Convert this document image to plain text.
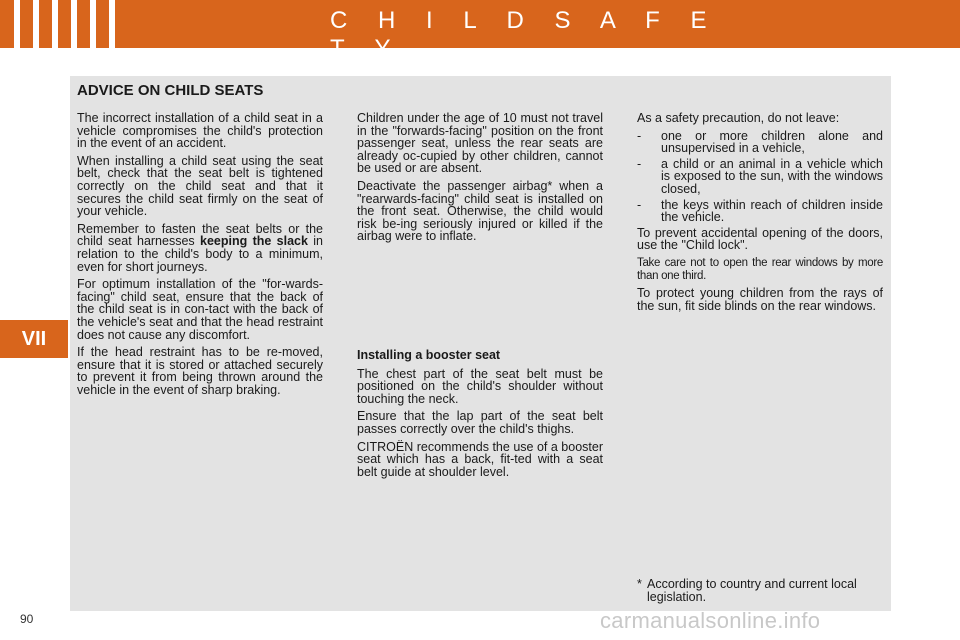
C H I L D S A F E T Y
VII
ADVICE ON CHILD SEATS

The incorrect installation of a child seat in a vehicle compromises the child's protection in the event of an accident.

When installing a child seat using the seat belt, check that the seat belt is tightened correctly on the child seat and that it secures the child seat firmly on the seat of your vehicle.

Remember to fasten the seat belts or the child seat harnesses keeping the slack in relation to the child's body to a minimum, even for short journeys.

For optimum installation of the "for-wards-facing" child seat, ensure that the back of the child seat is in con-tact with the back of the vehicle's seat and that the head restraint does not cause any discomfort.

If the head restraint has to be re-moved, ensure that it is stored or attached securely to prevent it from being thrown around the vehicle in the event of sharp braking.

Children under the age of 10 must not travel in the "forwards-facing" position on the front passenger seat, unless the rear seats are already oc-cupied by other children, cannot be used or are absent.

Deactivate the passenger airbag* when a "rearwards-facing" child seat is installed on the front seat. Otherwise, the child would risk be-ing seriously injured or killed if the airbag were to inflate.

Installing a booster seat

The chest part of the seat belt must be positioned on the child's shoulder without touching the neck.

Ensure that the lap part of the seat belt passes correctly over the child's thighs.

CITROËN recommends the use of a booster seat which has a back, fit-ted with a seat belt guide at shoulder level.

As a safety precaution, do not leave:

-	one or more children alone and unsupervised in a vehicle,
-	a child or an animal in a vehicle which is exposed to the sun, with the windows closed,
-	the keys within reach of children inside the vehicle.

To prevent accidental opening of the doors, use the "Child lock".

Take care not to open the rear windows by more than one third.

To protect young children from the rays of the sun, fit side blinds on the rear windows.

* According to country and current local legislation.
90	carmanualsonline.info
